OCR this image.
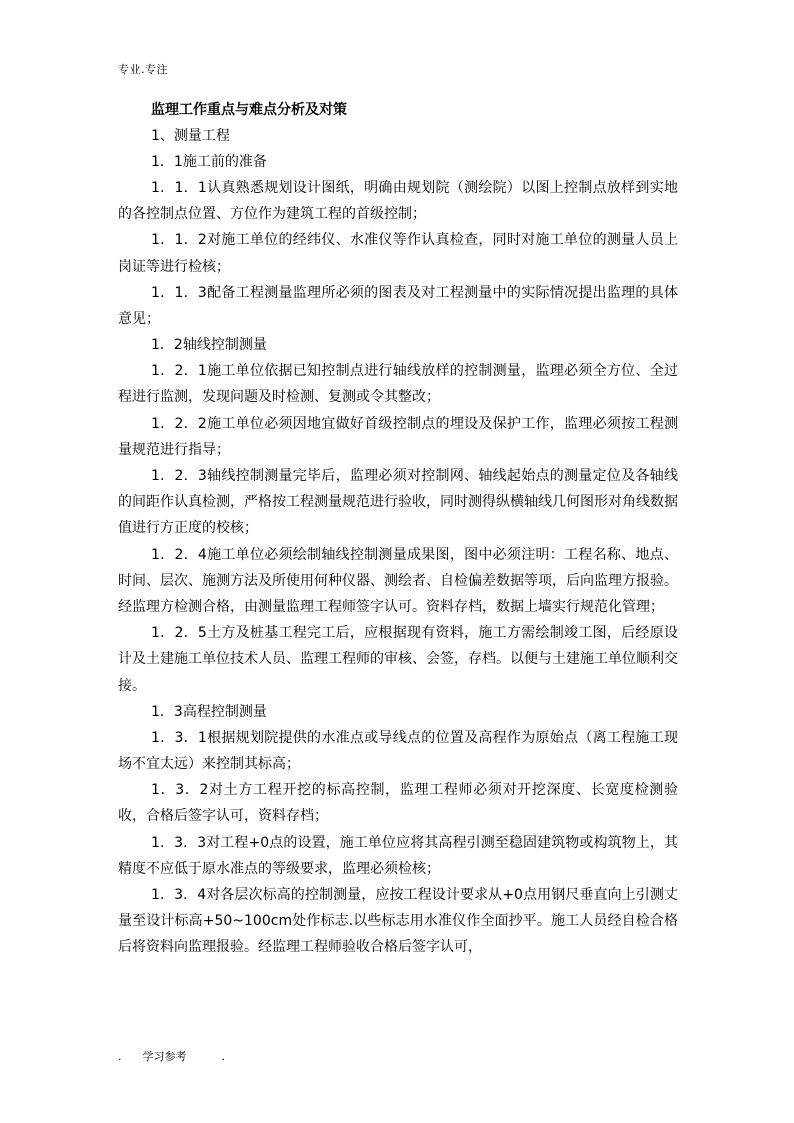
专业.专注
监理工作重点与难点分析及对策
1、测量工程
1．1施工前的准备
1．1．1认真熟悉规划设计图纸，明确由规划院（测绘院）以图上控制点放样到实地的各控制点位置、方位作为建筑工程的首级控制；
1．1．2对施工单位的经纬仪、水准仪等作认真检查，同时对施工单位的测量人员上岗证等进行检核；
1．1．3配备工程测量监理所必须的图表及对工程测量中的实际情况提出监理的具体意见；
1．2轴线控制测量
1．2．1施工单位依据已知控制点进行轴线放样的控制测量，监理必须全方位、全过程进行监测，发现问题及时检测、复测或令其整改；
1．2．2施工单位必须因地宜做好首级控制点的埋设及保护工作，监理必须按工程测量规范进行指导；
1．2．3轴线控制测量完毕后，监理必须对控制网、轴线起始点的测量定位及各轴线的间距作认真检测，严格按工程测量规范进行验收，同时测得纵横轴线几何图形对角线数据值进行方正度的校核；
1．2．4施工单位必须绘制轴线控制测量成果图，图中必须注明：工程名称、地点、时间、层次、施测方法及所使用何种仪器、测绘者、自检偏差数据等项，后向监理方报验。经监理方检测合格，由测量监理工程师签字认可。资料存档，数据上墙实行规范化管理；
1．2．5土方及桩基工程完工后，应根据现有资料，施工方需绘制竣工图，后经原设计及土建施工单位技术人员、监理工程师的审核、会签，存档。以便与土建施工单位顺利交接。
1．3高程控制测量
1．3．1根据规划院提供的水准点或导线点的位置及高程作为原始点（离工程施工现场不宜太远）来控制其标高；
1．3．2对土方工程开挖的标高控制，监理工程师必须对开挖深度、长宽度检测验收，合格后签字认可，资料存档；
1．3．3对工程+0点的设置，施工单位应将其高程引测至稳固建筑物或构筑物上，其精度不应低于原水准点的等级要求，监理必须检核；
1．3．4对各层次标高的控制测量，应按工程设计要求从+0点用钢尺垂直向上引测丈量至设计标高+50~100cm处作标志.以些标志用水准仪作全面抄平。施工人员经自检合格后将资料向监理报验。经监理工程师验收合格后签字认可，
. 学习参考	.
